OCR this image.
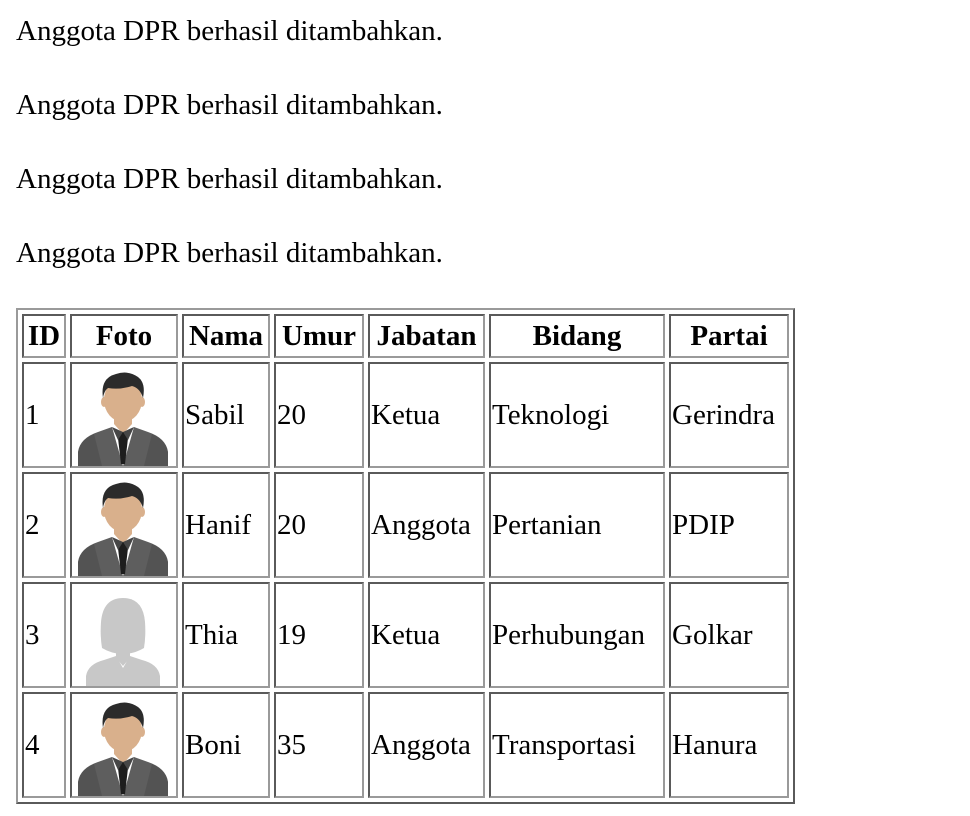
Anggota DPR berhasil ditambahkan.

Anggota DPR berhasil ditambahkan.

Anggota DPR berhasil ditambahkan.

Anggota DPR berhasil ditambahkan.

ID	Foto	Nama	Umur	Jabatan	Bidang	Partai
1		Sabil	20	Ketua	Teknologi	Gerindra
2		Hanif	20	Anggota	Pertanian	PDIP
3		Thia	19	Ketua	Perhubungan	Golkar
4		Boni	35	Anggota	Transportasi	Hanura
